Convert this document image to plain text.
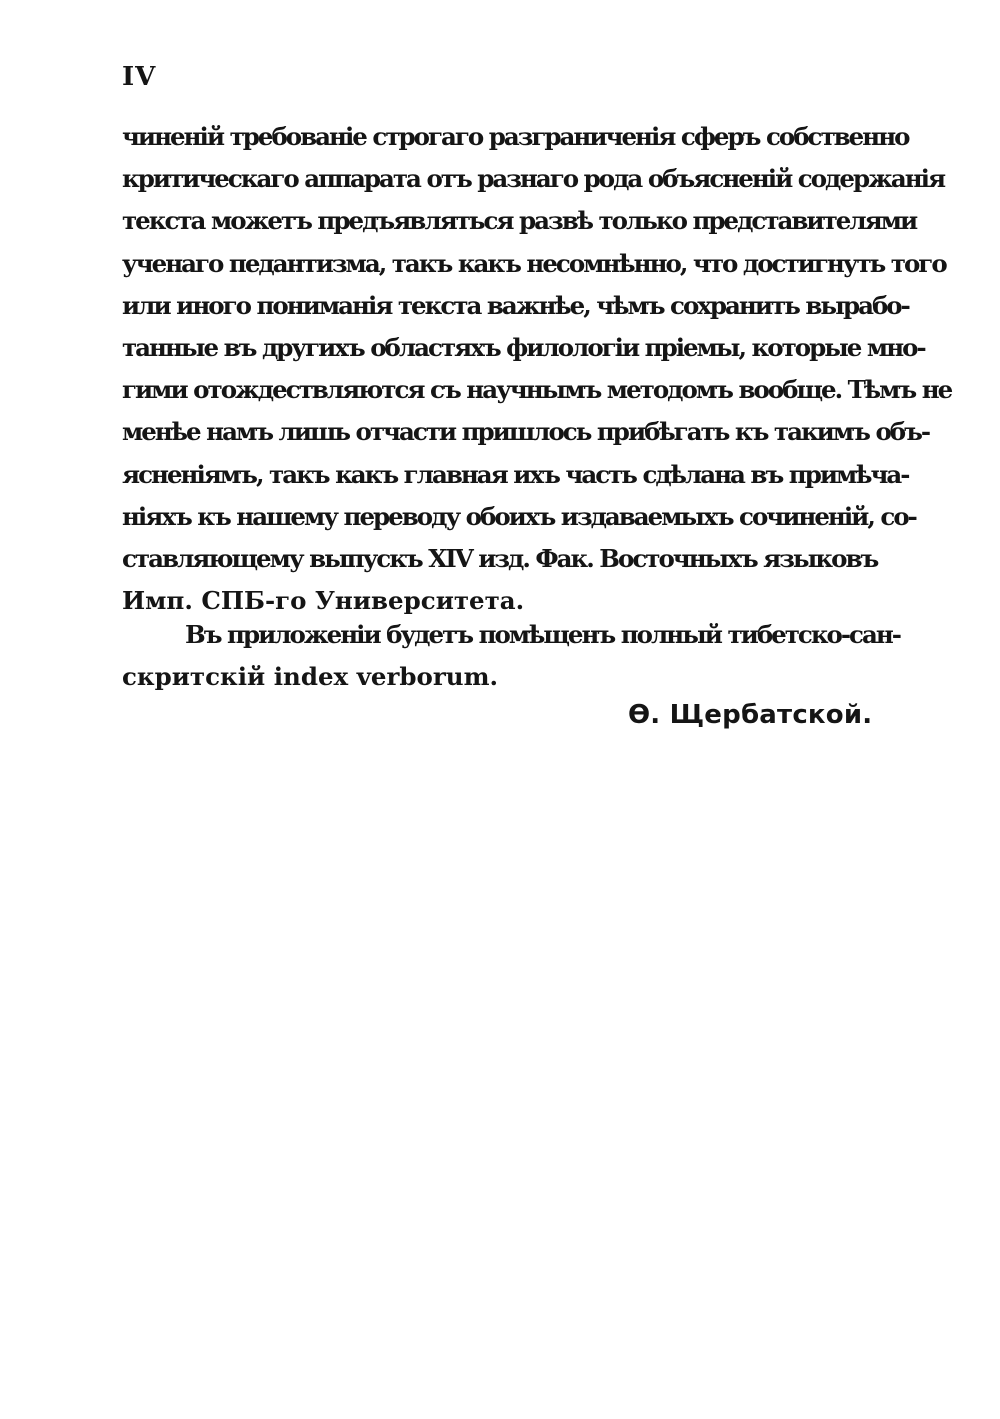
IV
чиненій требованіе строгаго разграниченія сферъ собственно
критическаго аппарата отъ разнаго рода объясненій содержанія
текста можетъ предъявляться развѣ только представителями
ученаго педантизма, такъ какъ несомнѣнно, что достигнуть того
или иного пониманія текста важнѣе, чѣмъ сохранить вырабо-
танные въ другихъ областяхъ филологіи пріемы, которые мно-
гими отождествляются съ научнымъ методомъ вообще. Тѣмъ не
менѣе намъ лишь отчасти пришлось прибѣгать къ такимъ объ-
ясненіямъ, такъ какъ главная ихъ часть сдѣлана въ примѣча-
ніяхъ къ нашему переводу обоихъ издаваемыхъ сочиненій, со-
ставляющему выпускъ XIV изд. Фак. Восточныхъ языковъ
Имп. СПБ-го Университета.
Въ приложеніи будетъ помѣщенъ полный тибетско-сан-
скритскій index verborum.
Ѳ. Щербатской.
